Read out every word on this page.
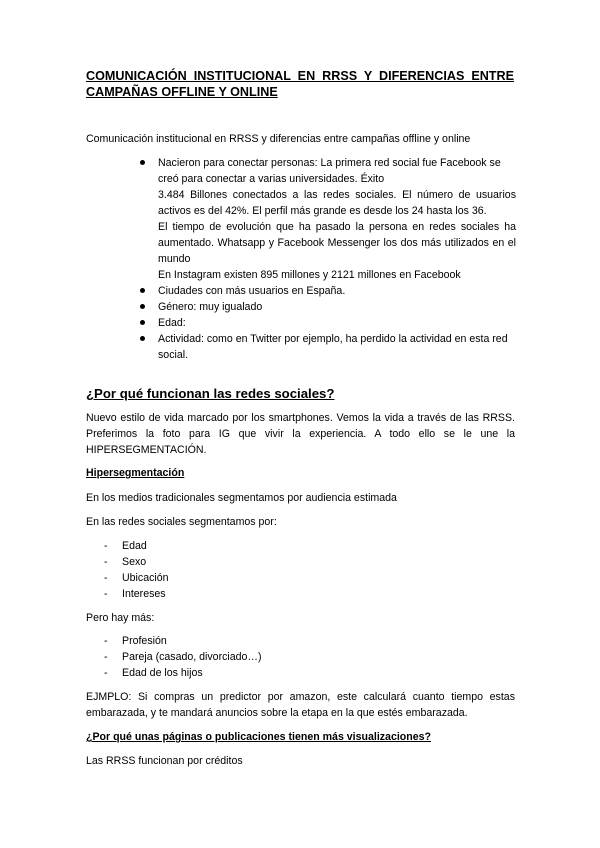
COMUNICACIÓN INSTITUCIONAL EN RRSS Y DIFERENCIAS ENTRE CAMPAÑAS OFFLINE Y ONLINE
Comunicación institucional en RRSS y diferencias entre campañas offline y online
Nacieron para conectar personas: La primera red social fue Facebook se creó para conectar a varias universidades. Éxito
3.484 Billones conectados a las redes sociales. El número de usuarios activos es del 42%. El perfil más grande es desde los 24 hasta los 36.
El tiempo de evolución que ha pasado la persona en redes sociales ha aumentado. Whatsapp y Facebook Messenger los dos más utilizados en el mundo
En Instagram existen 895 millones y 2121 millones en Facebook
Ciudades con más usuarios en España.
Género: muy igualado
Edad:
Actividad: como en Twitter por ejemplo, ha perdido la actividad en esta red social.
¿Por qué funcionan las redes sociales?
Nuevo estilo de vida marcado por los smartphones. Vemos la vida a través de las RRSS. Preferimos la foto para IG que vivir la experiencia. A todo ello se le une la HIPERSEGMENTACIÓN.
Hipersegmentación
En los medios tradicionales segmentamos por audiencia estimada
En las redes sociales segmentamos por:
- Edad
- Sexo
- Ubicación
- Intereses
Pero hay más:
- Profesión
- Pareja (casado, divorciado…)
- Edad de los hijos
EJMPLO: Si compras un predictor por amazon, este calculará cuanto tiempo estas embarazada, y te mandará anuncios sobre la etapa en la que estés embarazada.
¿Por qué unas páginas o publicaciones tienen más visualizaciones?
Las RRSS funcionan por créditos
